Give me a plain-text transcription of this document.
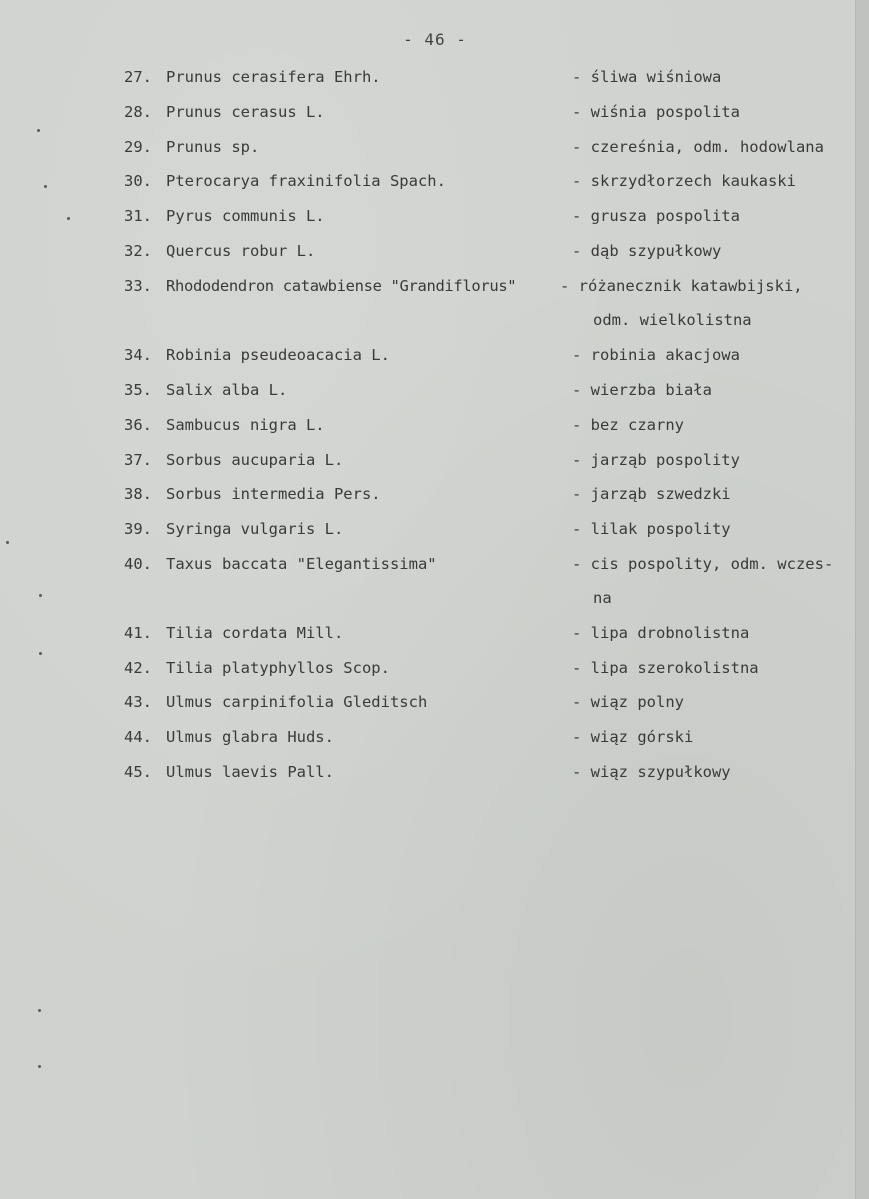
- 46 -
27. Prunus cerasifera Ehrh.	- śliwa wiśniowa
28. Prunus cerasus L.	- wiśnia pospolita
29. Prunus sp.	- czereśnia, odm. hodowlana
30. Pterocarya fraxinifolia Spach.	- skrzydłorzech kaukaski
31. Pyrus communis L.	- grusza pospolita
32. Quercus robur L.	- dąb szypułkowy
33. Rhododendron catawbiense "Grandiflorus"	- różanecznik katawbijski,
odm. wielkolistna
34. Robinia pseudeoacacia L.	- robinia akacjowa
35. Salix alba L.	- wierzba biała
36. Sambucus nigra L.	- bez czarny
37. Sorbus aucuparia L.	- jarząb pospolity
38. Sorbus intermedia Pers.	- jarząb szwedzki
39. Syringa vulgaris L.	- lilak pospolity
40. Taxus baccata "Elegantissima"	- cis pospolity, odm. wczes-
na
41. Tilia cordata Mill.	- lipa drobnolistna
42. Tilia platyphyllos Scop.	- lipa szerokolistna
43. Ulmus carpinifolia Gleditsch	- wiąz polny
44. Ulmus glabra Huds.	- wiąz górski
45. Ulmus laevis Pall.	- wiąz szypułkowy
